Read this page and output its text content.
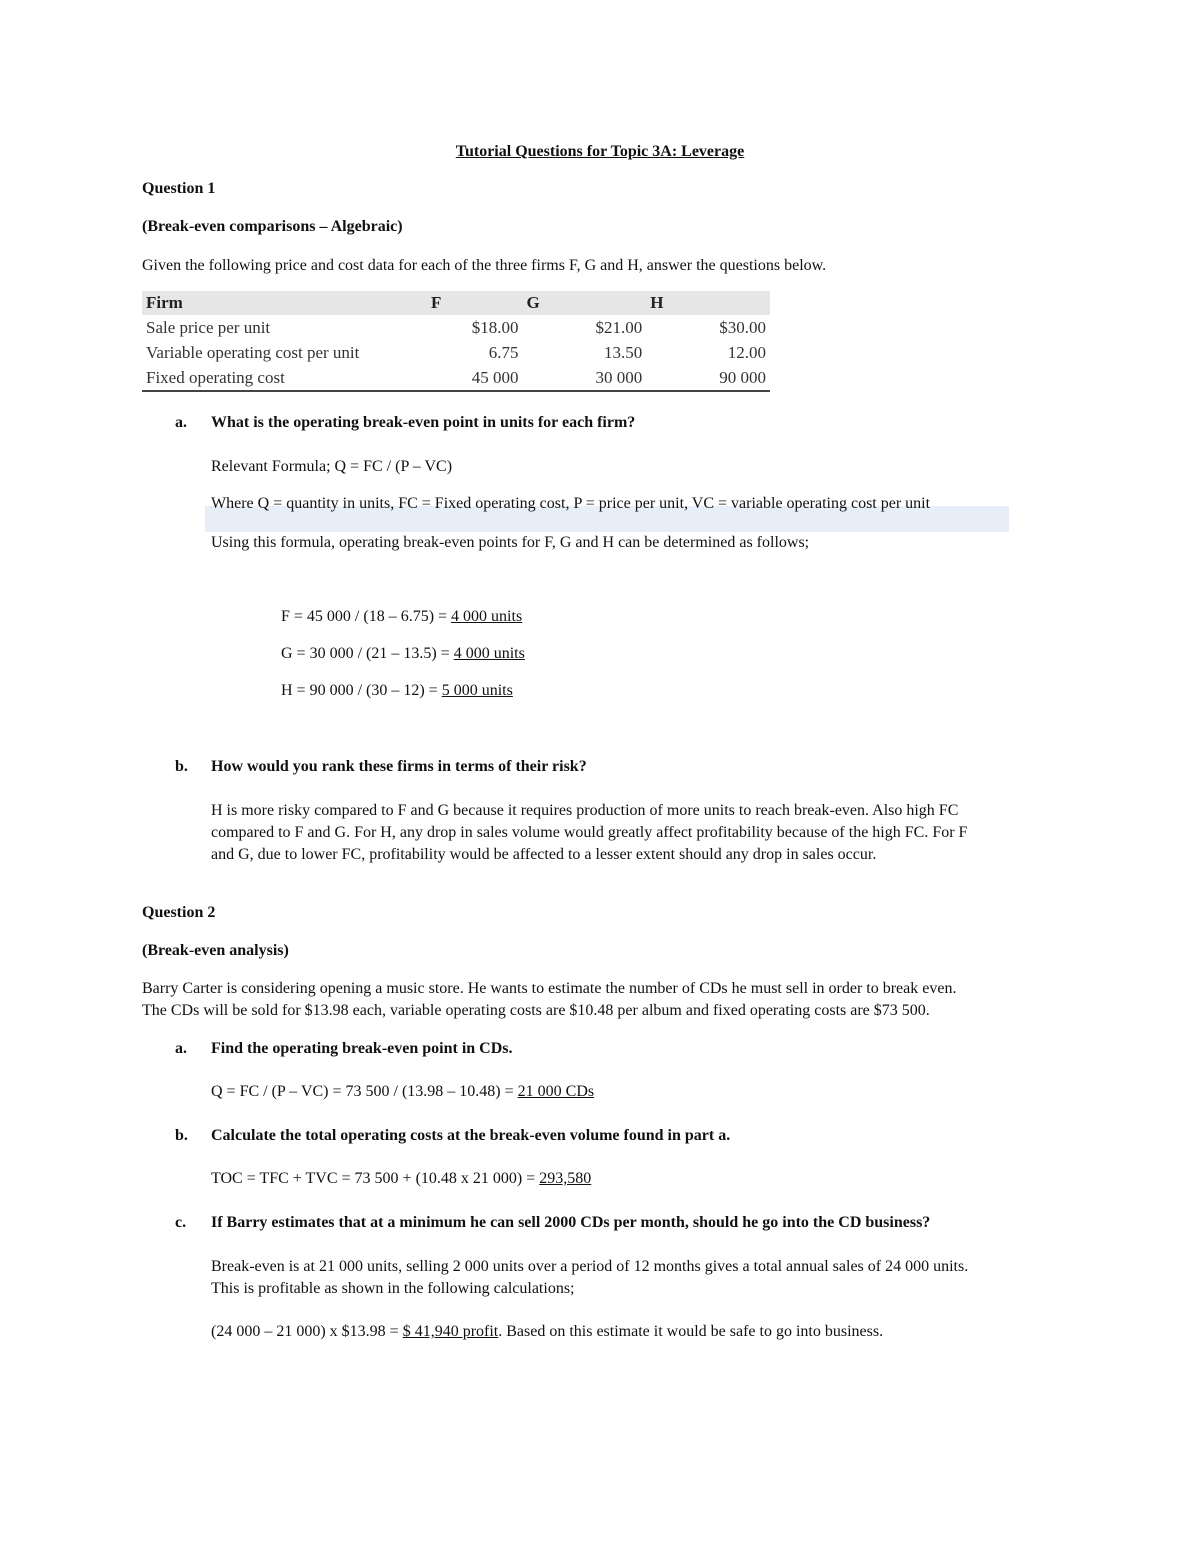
Tutorial Questions for Topic 3A: Leverage
Question 1
(Break-even comparisons – Algebraic)
Given the following price and cost data for each of the three firms F, G and H, answer the questions below.
Firm	F	G	H
Sale price per unit	$18.00	$21.00	$30.00
Variable operating cost per unit	6.75	13.50	12.00
Fixed operating cost	45 000	30 000	90 000
a.	What is the operating break-even point in units for each firm?
Relevant Formula; Q = FC / (P – VC)
Where Q = quantity in units, FC = Fixed operating cost, P = price per unit, VC = variable operating cost per unit
Using this formula, operating break-even points for F, G and H can be determined as follows;
F = 45 000 / (18 – 6.75) = 4 000 units
G = 30 000 / (21 – 13.5) = 4 000 units
H = 90 000 / (30 – 12) = 5 000 units
b.	How would you rank these firms in terms of their risk?
H is more risky compared to F and G because it requires production of more units to reach break-even. Also high FC
compared to F and G. For H, any drop in sales volume would greatly affect profitability because of the high FC. For F
and G, due to lower FC, profitability would be affected to a lesser extent should any drop in sales occur.
Question 2
(Break-even analysis)
Barry Carter is considering opening a music store. He wants to estimate the number of CDs he must sell in order to break even.
The CDs will be sold for $13.98 each, variable operating costs are $10.48 per album and fixed operating costs are $73 500.
a.	Find the operating break-even point in CDs.
Q = FC / (P – VC) = 73 500 / (13.98 – 10.48) = 21 000 CDs
b.	Calculate the total operating costs at the break-even volume found in part a.
TOC = TFC + TVC = 73 500 + (10.48 x 21 000) = 293,580
c.	If Barry estimates that at a minimum he can sell 2000 CDs per month, should he go into the CD business?
Break-even is at 21 000 units, selling 2 000 units over a period of 12 months gives a total annual sales of 24 000 units.
This is profitable as shown in the following calculations;
(24 000 – 21 000) x $13.98 = $ 41,940 profit. Based on this estimate it would be safe to go into business.
